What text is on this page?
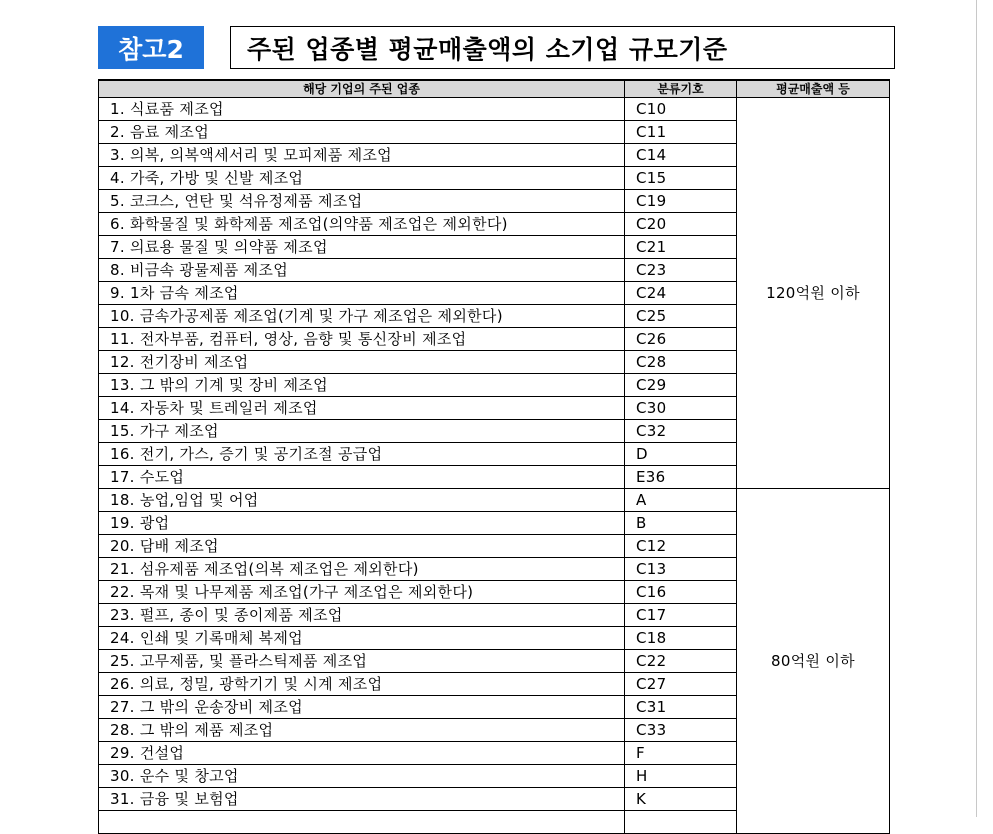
참고2	주된 업종별 평균매출액의 소기업 규모기준
해당 기업의 주된 업종	분류기호	평균매출액 등
1. 식료품 제조업	C10	120억원 이하
2. 음료 제조업	C11	
3. 의복, 의복액세서리 및 모피제품 제조업	C14	
4. 가죽, 가방 및 신발 제조업	C15	
5. 코크스, 연탄 및 석유정제품 제조업	C19	
6. 화학물질 및 화학제품 제조업(의약품 제조업은 제외한다)	C20	
7. 의료용 물질 및 의약품 제조업	C21	
8. 비금속 광물제품 제조업	C23	
9. 1차 금속 제조업	C24	
10. 금속가공제품 제조업(기계 및 가구 제조업은 제외한다)	C25	
11. 전자부품, 컴퓨터, 영상, 음향 및 통신장비 제조업	C26	
12. 전기장비 제조업	C28	
13. 그 밖의 기계 및 장비 제조업	C29	
14. 자동차 및 트레일러 제조업	C30	
15. 가구 제조업	C32	
16. 전기, 가스, 증기 및 공기조절 공급업	D	
17. 수도업	E36	
18. 농업,임업 및 어업	A	80억원 이하
19. 광업	B	
20. 담배 제조업	C12	
21. 섬유제품 제조업(의복 제조업은 제외한다)	C13	
22. 목재 및 나무제품 제조업(가구 제조업은 제외한다)	C16	
23. 펄프, 종이 및 종이제품 제조업	C17	
24. 인쇄 및 기록매체 복제업	C18	
25. 고무제품, 및 플라스틱제품 제조업	C22	
26. 의료, 정밀, 광학기기 및 시계 제조업	C27	
27. 그 밖의 운송장비 제조업	C31	
28. 그 밖의 제품 제조업	C33	
29. 건설업	F	
30. 운수 및 창고업	H	
31. 금융 및 보험업	K	
